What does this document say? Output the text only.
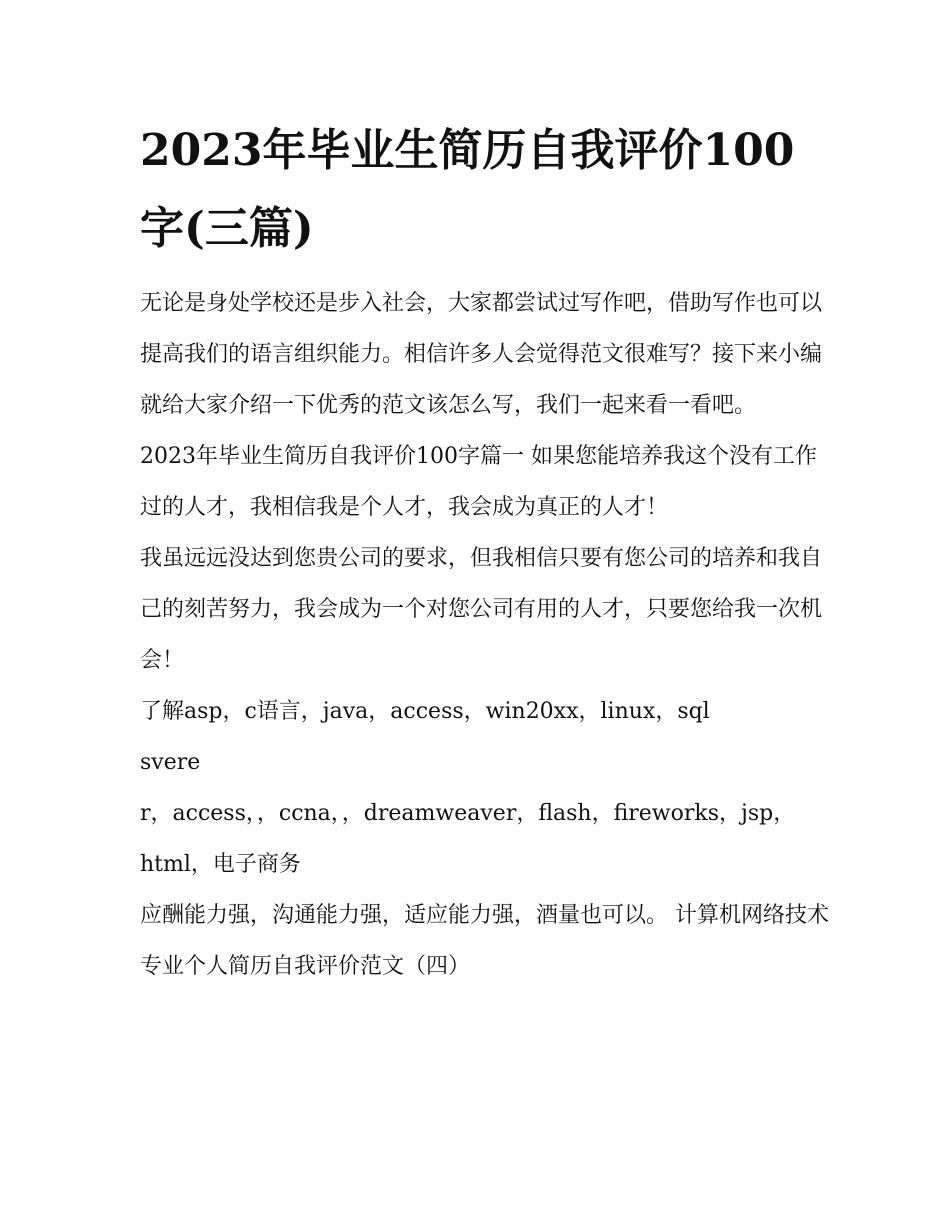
2023年毕业生简历自我评价100字(三篇)

无论是身处学校还是步入社会，大家都尝试过写作吧，借助写作也可以提高我们的语言组织能力。相信许多人会觉得范文很难写？接下来小编就给大家介绍一下优秀的范文该怎么写，我们一起来看一看吧。

2023年毕业生简历自我评价100字篇一 如果您能培养我这个没有工作过的人才，我相信我是个人才，我会成为真正的人才！

我虽远远没达到您贵公司的要求，但我相信只要有您公司的培养和我自己的刻苦努力，我会成为一个对您公司有用的人才，只要您给我一次机会！

了解asp，c语言，java，access，win20xx，linux，sql svere

r，access，，ccna，，dreamweaver，flash，fireworks，jsp，html，电子商务

应酬能力强，沟通能力强，适应能力强，酒量也可以。 计算机网络技术专业个人简历自我评价范文（四）
